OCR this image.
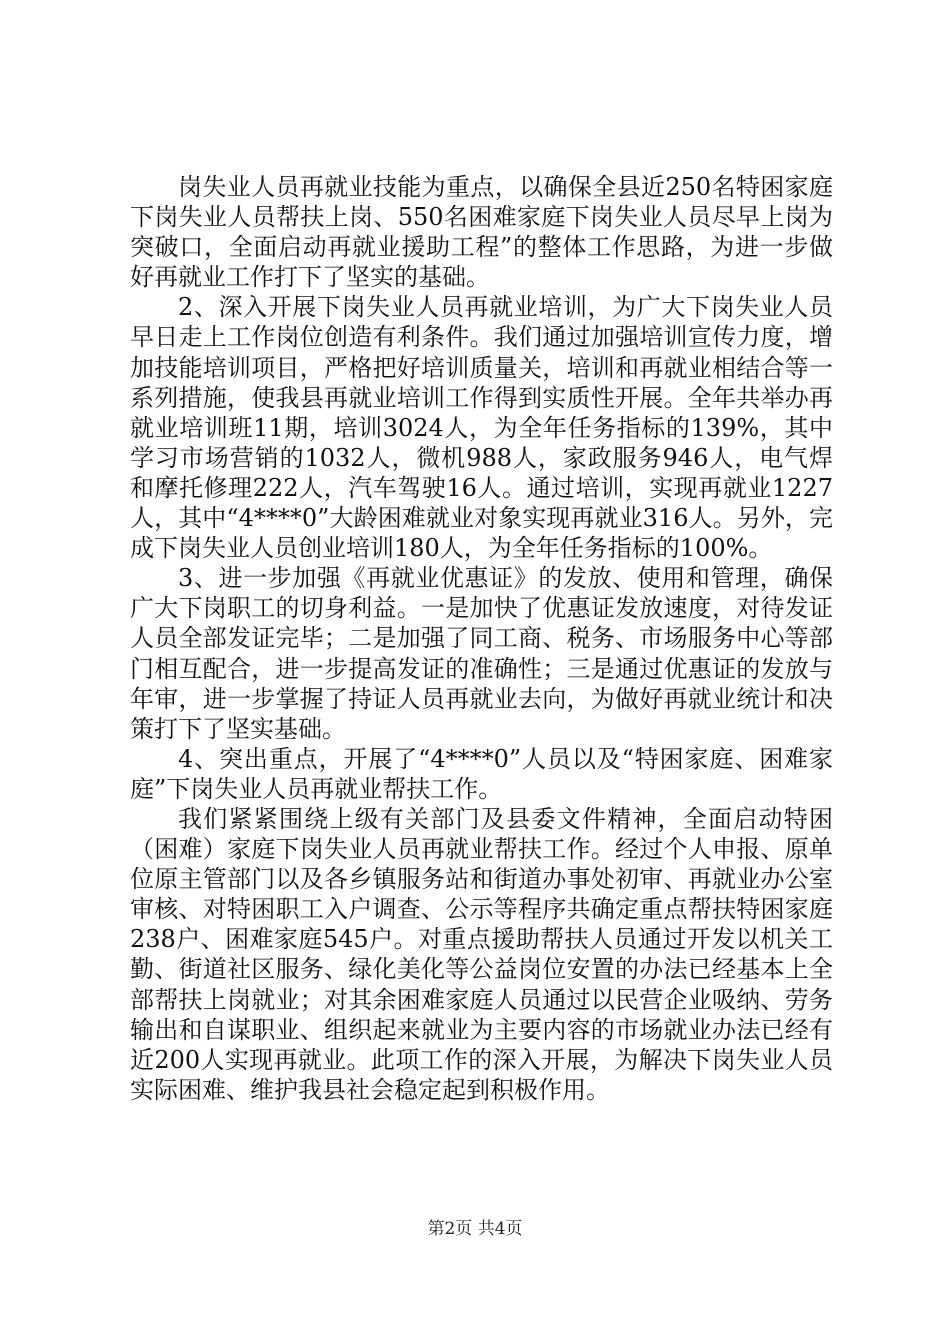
岗失业人员再就业技能为重点，以确保全县近250名特困家庭下岗失业人员帮扶上岗、550名困难家庭下岗失业人员尽早上岗为突破口，全面启动再就业援助工程”的整体工作思路，为进一步做好再就业工作打下了坚实的基础。

2、深入开展下岗失业人员再就业培训，为广大下岗失业人员早日走上工作岗位创造有利条件。我们通过加强培训宣传力度，增加技能培训项目，严格把好培训质量关，培训和再就业相结合等一系列措施，使我县再就业培训工作得到实质性开展。全年共举办再就业培训班11期，培训3024人，为全年任务指标的139%，其中学习市场营销的1032人，微机988人，家政服务946人，电气焊和摩托修理222人，汽车驾驶16人。通过培训，实现再就业1227人，其中“4****0”大龄困难就业对象实现再就业316人。另外，完成下岗失业人员创业培训180人，为全年任务指标的100%。

3、进一步加强《再就业优惠证》的发放、使用和管理，确保广大下岗职工的切身利益。一是加快了优惠证发放速度，对待发证人员全部发证完毕；二是加强了同工商、税务、市场服务中心等部门相互配合，进一步提高发证的准确性；三是通过优惠证的发放与年审，进一步掌握了持证人员再就业去向，为做好再就业统计和决策打下了坚实基础。

4、突出重点，开展了“4****0”人员以及“特困家庭、困难家庭”下岗失业人员再就业帮扶工作。

我们紧紧围绕上级有关部门及县委文件精神，全面启动特困（困难）家庭下岗失业人员再就业帮扶工作。经过个人申报、原单位原主管部门以及各乡镇服务站和街道办事处初审、再就业办公室审核、对特困职工入户调查、公示等程序共确定重点帮扶特困家庭238户、困难家庭545户。对重点援助帮扶人员通过开发以机关工勤、街道社区服务、绿化美化等公益岗位安置的办法已经基本上全部帮扶上岗就业；对其余困难家庭人员通过以民营企业吸纳、劳务输出和自谋职业、组织起来就业为主要内容的市场就业办法已经有近200人实现再就业。此项工作的深入开展，为解决下岗失业人员实际困难、维护我县社会稳定起到积极作用。

第2页 共4页
